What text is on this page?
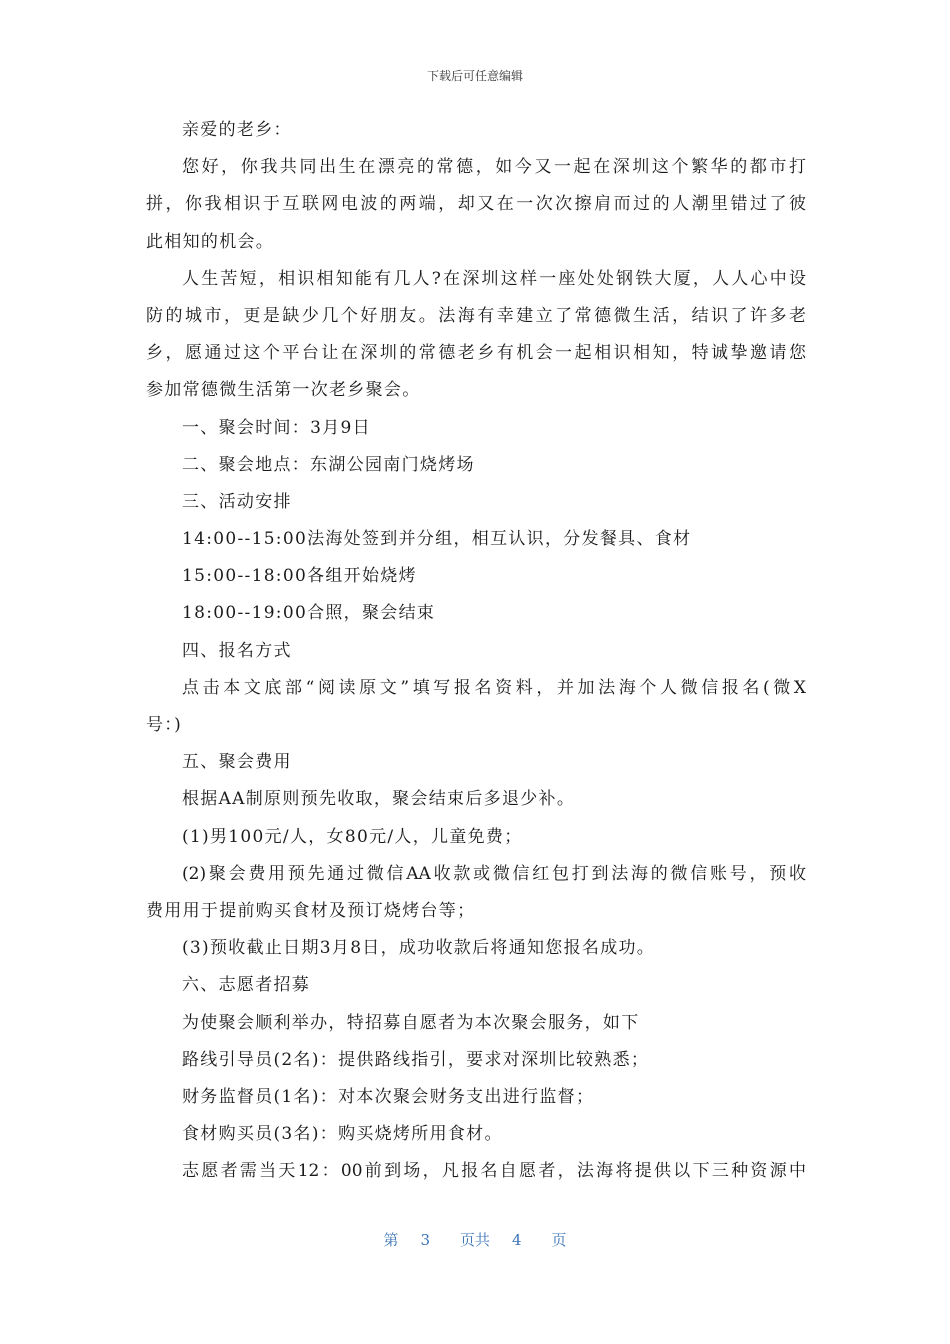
下载后可任意编辑
亲爱的老乡：
您好，你我共同出生在漂亮的常德，如今又一起在深圳这个繁华的都市打
拼，你我相识于互联网电波的两端，却又在一次次擦肩而过的人潮里错过了彼
此相知的机会。
人生苦短，相识相知能有几人?在深圳这样一座处处钢铁大厦，人人心中设
防的城市，更是缺少几个好朋友。法海有幸建立了常德微生活，结识了许多老
乡，愿通过这个平台让在深圳的常德老乡有机会一起相识相知，特诚挚邀请您
参加常德微生活第一次老乡聚会。
一、聚会时间：3月9日
二、聚会地点：东湖公园南门烧烤场
三、活动安排
14:00--15:00法海处签到并分组，相互认识，分发餐具、食材
15:00--18:00各组开始烧烤
18:00--19:00合照，聚会结束
四、报名方式
点击本文底部“阅读原文”填写报名资料，并加法海个人微信报名(微X
号：)
五、聚会费用
根据AA制原则预先收取，聚会结束后多退少补。
(1)男100元/人，女80元/人，儿童免费；
(2)聚会费用预先通过微信AA收款或微信红包打到法海的微信账号，预收
费用用于提前购买食材及预订烧烤台等；
(3)预收截止日期3月8日，成功收款后将通知您报名成功。
六、志愿者招募
为使聚会顺利举办，特招募自愿者为本次聚会服务，如下
路线引导员(2名)：提供路线指引，要求对深圳比较熟悉；
财务监督员(1名)：对本次聚会财务支出进行监督；
食材购买员(3名)：购买烧烤所用食材。
志愿者需当天12：00前到场，凡报名自愿者，法海将提供以下三种资源中
第 3 页共 4 页
